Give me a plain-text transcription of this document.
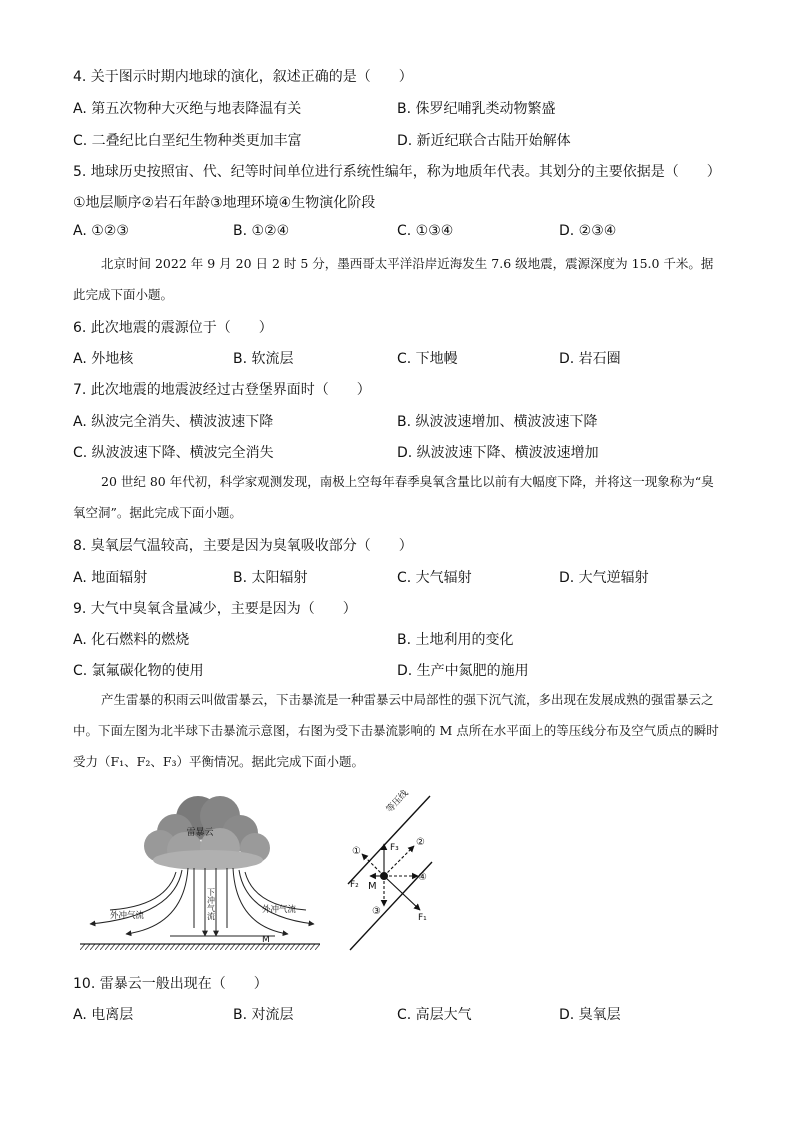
4. 关于图示时期内地球的演化，叙述正确的是（　　）
A. 第五次物种大灭绝与地表降温有关	B. 侏罗纪哺乳类动物繁盛
C. 二叠纪比白垩纪生物种类更加丰富	D. 新近纪联合古陆开始解体
5. 地球历史按照宙、代、纪等时间单位进行系统性编年，称为地质年代表。其划分的主要依据是（　　）
①地层顺序②岩石年龄③地理环境④生物演化阶段
A. ①②③	B. ①②④	C. ①③④	D. ②③④
北京时间 2022 年 9 月 20 日 2 时 5 分，墨西哥太平洋沿岸近海发生 7.6 级地震，震源深度为 15.0 千米。据此完成下面小题。
6. 此次地震的震源位于（　　）
A. 外地核	B. 软流层	C. 下地幔	D. 岩石圈
7. 此次地震的地震波经过古登堡界面时（　　）
A. 纵波完全消失、横波波速下降	B. 纵波波速增加、横波波速下降
C. 纵波波速下降、横波完全消失	D. 纵波波速下降、横波波速增加
20 世纪 80 年代初，科学家观测发现，南极上空每年春季臭氧含量比以前有大幅度下降，并将这一现象称为“臭氧空洞”。据此完成下面小题。
8. 臭氧层气温较高，主要是因为臭氧吸收部分（　　）
A. 地面辐射	B. 太阳辐射	C. 大气辐射	D. 大气逆辐射
9. 大气中臭氧含量减少，主要是因为（　　）
A. 化石燃料的燃烧	B. 土地利用的变化
C. 氯氟碳化物的使用	D. 生产中氮肥的施用
产生雷暴的积雨云叫做雷暴云，下击暴流是一种雷暴云中局部性的强下沉气流，多出现在发展成熟的强雷暴云之中。下面左图为北半球下击暴流示意图，右图为受下击暴流影响的 M 点所在水平面上的等压线分布及空气质点的瞬时受力（F₁、F₂、F₃）平衡情况。据此完成下面小题。
雷暴云
下冲气流
外冲气流
外冲气流
M
等压线
M
F₃
F₂
F₁
①
②
③
④
10. 雷暴云一般出现在（　　）
A. 电离层	B. 对流层	C. 高层大气	D. 臭氧层
